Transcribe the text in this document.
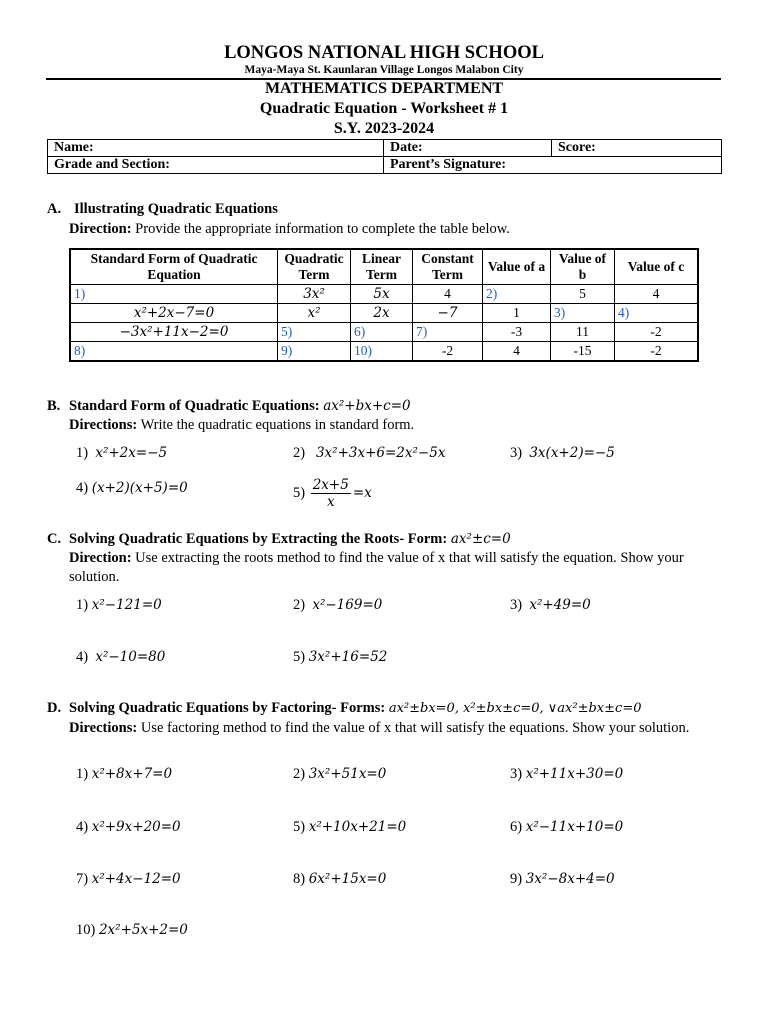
LONGOS NATIONAL HIGH SCHOOL
Maya-Maya St. Kaunlaran Village Longos Malabon City
MATHEMATICS DEPARTMENT
Quadratic Equation - Worksheet # 1
S.Y. 2023-2024
Name:	Date:	Score:
Grade and Section:	Parent’s Signature:	
A. Illustrating Quadratic Equations
Direction: Provide the appropriate information to complete the table below.
Standard Form of Quadratic Equation	Quadratic Term	Linear Term	Constant Term	Value of a	Value of b	Value of c
1)	3x²	5x	4	2)	5	4
x²+2x−7=0	x²	2x	−7	1	3)	4)
−3x²+11x−2=0	5)	6)	7)	-3	11	-2
8)	9)	10)	-2	4	-15	-2
B. Standard Form of Quadratic Equations: ax²+bx+c=0
Directions: Write the quadratic equations in standard form.
1) x²+2x=−5	2) 3x²+3x+6=2x²−5x	3) 3x(x+2)=−5
4) (x+2)(x+5)=0	$5) \frac{2x+5}{x} =x$
C. Solving Quadratic Equations by Extracting the Roots- Form: ax²±c=0
Direction: Use extracting the roots method to find the value of x that will satisfy the equation. Show your solution.
1) x²−121=0	2) x²−169=0	3) x²+49=0
4) x²−10=80	5) 3x²+16=52
D. Solving Quadratic Equations by Factoring- Forms: ax²±bx=0, x²±bx±c=0, ∨ax²±bx±c=0
Directions: Use factoring method to find the value of x that will satisfy the equations. Show your solution.
1) x²+8x+7=0	2) 3x²+51x=0	3) x²+11x+30=0
4) x²+9x+20=0	5) x²+10x+21=0	6) x²−11x+10=0
7) x²+4x−12=0	8) 6x²+15x=0	9) 3x²−8x+4=0
10) 2x²+5x+2=0
